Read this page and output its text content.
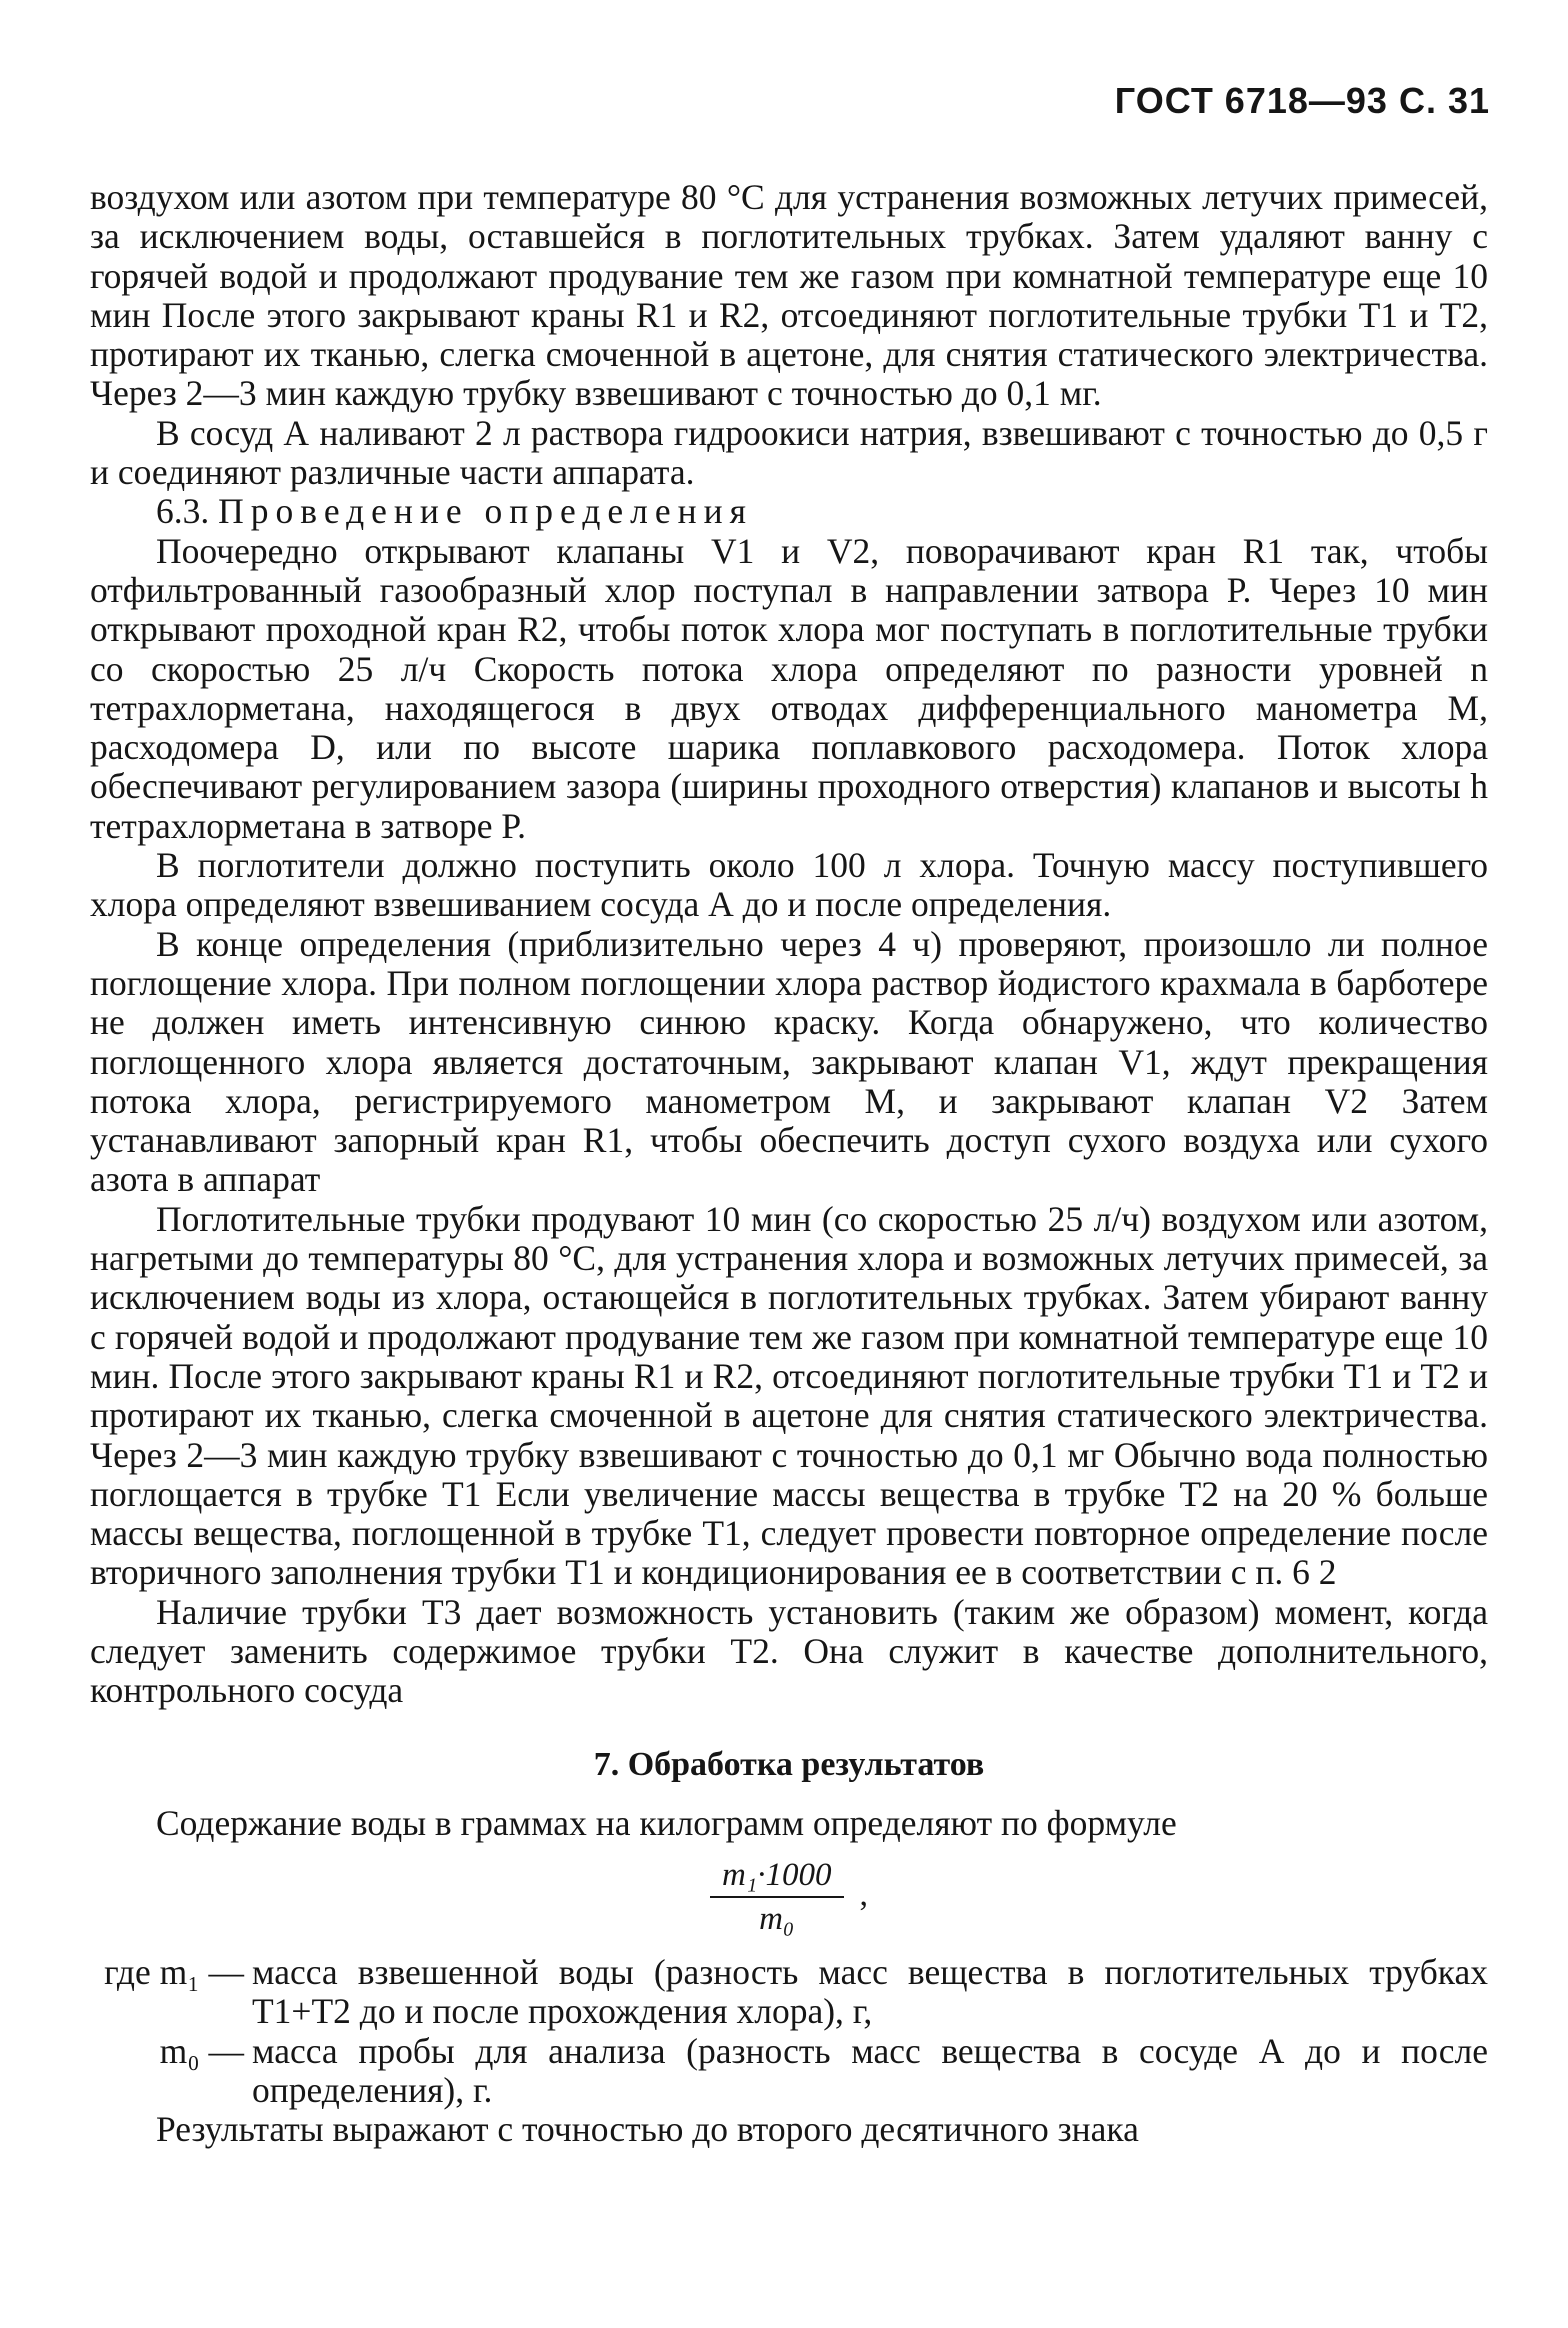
ГОСТ 6718—93 С. 31

воздухом или азотом при температуре 80 °С для устранения возможных летучих примесей, за исключением воды, оставшейся в поглотительных трубках. Затем удаляют ванну с горячей водой и продолжают продувание тем же газом при комнатной температуре еще 10 мин После этого закрывают краны R1 и R2, отсоединяют поглотительные трубки T1 и T2, протирают их тканью, слегка смоченной в ацетоне, для снятия статического электричества. Через 2—3 мин каждую трубку взвешивают с точностью до 0,1 мг.

В сосуд А наливают 2 л раствора гидроокиси натрия, взвешивают с точностью до 0,5 г и соединяют различные части аппарата.

6.3. Проведение определения

Поочередно открывают клапаны V1 и V2, поворачивают кран R1 так, чтобы отфильтрованный газообразный хлор поступал в направлении затвора P. Через 10 мин открывают проходной кран R2, чтобы поток хлора мог поступать в поглотительные трубки со скоростью 25 л/ч Скорость потока хлора определяют по разности уровней n тетрахлорметана, находящегося в двух отводах дифференциального манометра M, расходомера D, или по высоте шарика поплавкового расходомера. Поток хлора обеспечивают регулированием зазора (ширины проходного отверстия) клапанов и высоты h тетрахлорметана в затворе P.

В поглотители должно поступить около 100 л хлора. Точную массу поступившего хлора определяют взвешиванием сосуда А до и после определения.

В конце определения (приблизительно через 4 ч) проверяют, произошло ли полное поглощение хлора. При полном поглощении хлора раствор йодистого крахмала в барботере не должен иметь интенсивную синюю краску. Когда обнаружено, что количество поглощенного хлора является достаточным, закрывают клапан V1, ждут прекращения потока хлора, регистрируемого манометром M, и закрывают клапан V2 Затем устанавливают запорный кран R1, чтобы обеспечить доступ сухого воздуха или сухого азота в аппарат

Поглотительные трубки продувают 10 мин (со скоростью 25 л/ч) воздухом или азотом, нагретыми до температуры 80 °С, для устранения хлора и возможных летучих примесей, за исключением воды из хлора, остающейся в поглотительных трубках. Затем убирают ванну с горячей водой и продолжают продувание тем же газом при комнатной температуре еще 10 мин. После этого закрывают краны R1 и R2, отсоединяют поглотительные трубки T1 и T2 и протирают их тканью, слегка смоченной в ацетоне для снятия статического электричества. Через 2—3 мин каждую трубку взвешивают с точностью до 0,1 мг Обычно вода полностью поглощается в трубке T1 Если увеличение массы вещества в трубке T2 на 20 % больше массы вещества, поглощенной в трубке T1, следует провести повторное определение после вторичного заполнения трубки T1 и кондиционирования ее в соответствии с п. 6 2

Наличие трубки T3 дает возможность установить (таким же образом) момент, когда следует заменить содержимое трубки T2. Она служит в качестве дополнительного, контрольного сосуда

7. Обработка результатов

Содержание воды в граммах на килограмм определяют по формуле

$\frac{\text{m₁·1000}}{\text{m₀}}$ ,
где m₁ — масса взвешенной воды (разность масс вещества в поглотительных трубках T1+T2 до и после прохождения хлора), г,
m₀ — масса пробы для анализа (разность масс вещества в сосуде А до и после определения), г.

Результаты выражают с точностью до второго десятичного знака
